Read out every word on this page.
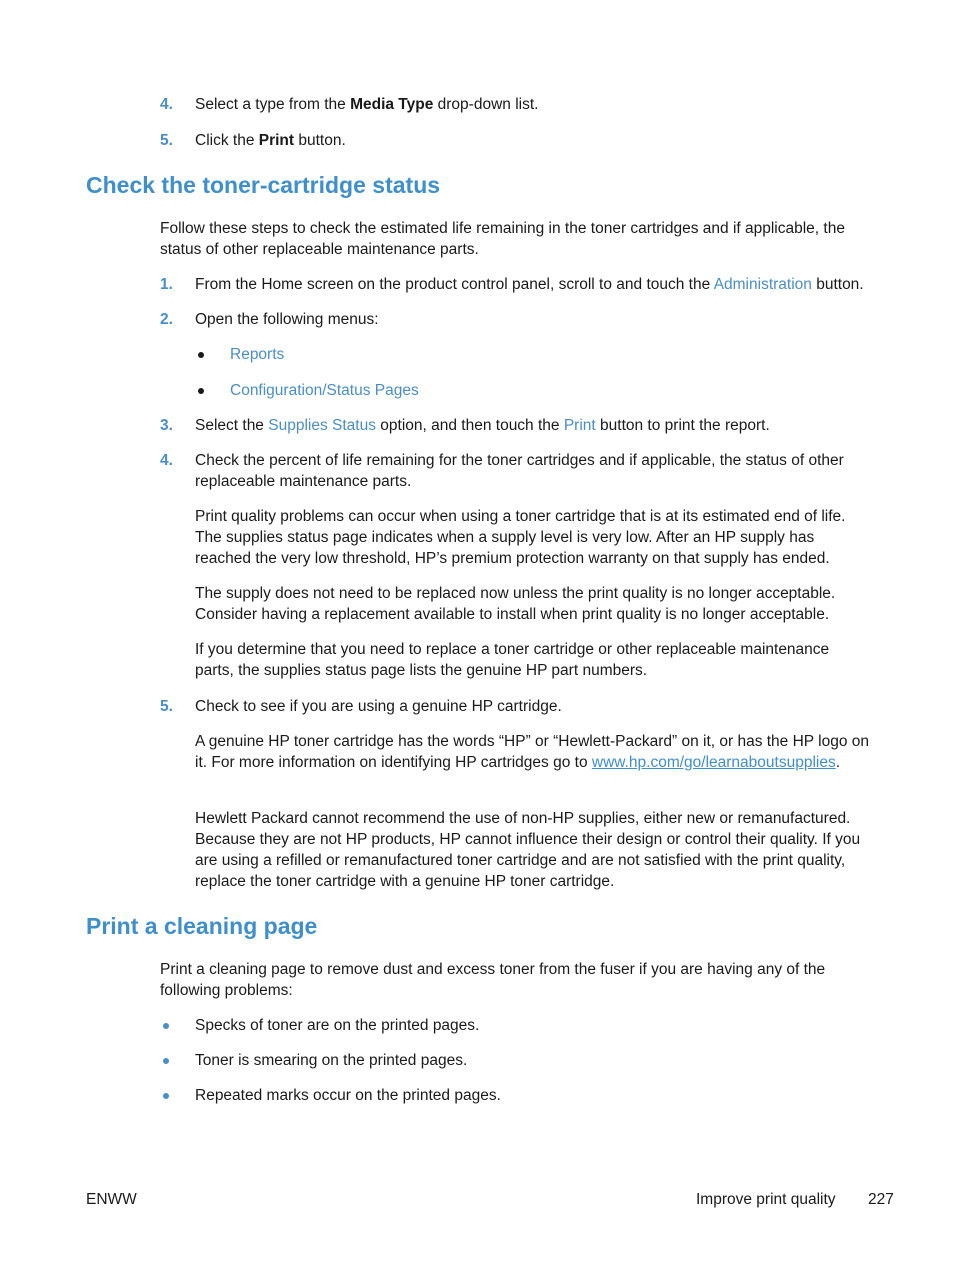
4. Select a type from the Media Type drop-down list.
5. Click the Print button.
Check the toner-cartridge status
Follow these steps to check the estimated life remaining in the toner cartridges and if applicable, the status of other replaceable maintenance parts.
1. From the Home screen on the product control panel, scroll to and touch the Administration button.
2. Open the following menus:
Reports
Configuration/Status Pages
3. Select the Supplies Status option, and then touch the Print button to print the report.
4. Check the percent of life remaining for the toner cartridges and if applicable, the status of other replaceable maintenance parts.
Print quality problems can occur when using a toner cartridge that is at its estimated end of life. The supplies status page indicates when a supply level is very low. After an HP supply has reached the very low threshold, HP’s premium protection warranty on that supply has ended.
The supply does not need to be replaced now unless the print quality is no longer acceptable. Consider having a replacement available to install when print quality is no longer acceptable.
If you determine that you need to replace a toner cartridge or other replaceable maintenance parts, the supplies status page lists the genuine HP part numbers.
5. Check to see if you are using a genuine HP cartridge.
A genuine HP toner cartridge has the words “HP” or “Hewlett-Packard” on it, or has the HP logo on it. For more information on identifying HP cartridges go to www.hp.com/go/learnaboutsupplies.
Hewlett Packard cannot recommend the use of non-HP supplies, either new or remanufactured. Because they are not HP products, HP cannot influence their design or control their quality. If you are using a refilled or remanufactured toner cartridge and are not satisfied with the print quality, replace the toner cartridge with a genuine HP toner cartridge.
Print a cleaning page
Print a cleaning page to remove dust and excess toner from the fuser if you are having any of the following problems:
Specks of toner are on the printed pages.
Toner is smearing on the printed pages.
Repeated marks occur on the printed pages.
ENWW	Improve print quality 227
